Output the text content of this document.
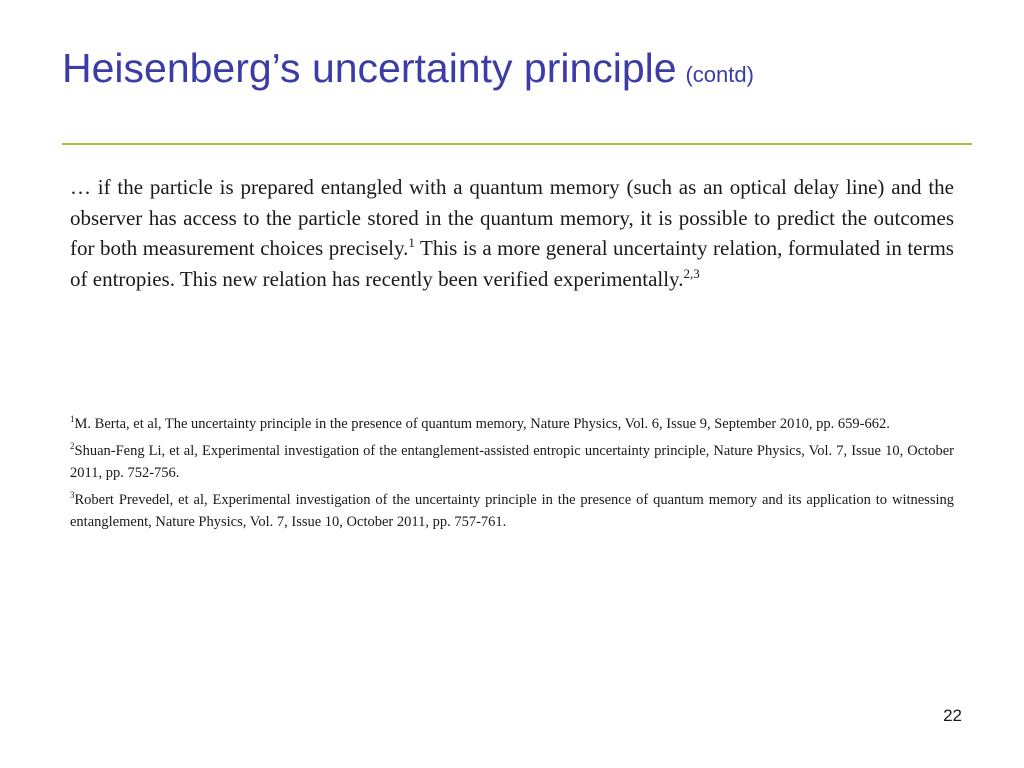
Heisenberg’s uncertainty principle (contd)

… if the particle is prepared entangled with a quantum memory (such as an optical delay line) and the observer has access to the particle stored in the quantum memory, it is possible to predict the outcomes for both measurement choices precisely.$^1$ This is a more general uncertainty relation, formulated in terms of entropies. This new relation has recently been verified experimentally.$^{2,3}$

$^1$M. Berta, et al, The uncertainty principle in the presence of quantum memory, Nature Physics, Vol. 6, Issue 9, September 2010, pp. 659-662.

$^2$Shuan-Feng Li, et al, Experimental investigation of the entanglement-assisted entropic uncertainty principle, Nature Physics, Vol. 7, Issue 10, October 2011, pp. 752-756.

$^3$Robert Prevedel, et al, Experimental investigation of the uncertainty principle in the presence of quantum memory and its application to witnessing entanglement, Nature Physics, Vol. 7, Issue 10, October 2011, pp. 757-761.

22
